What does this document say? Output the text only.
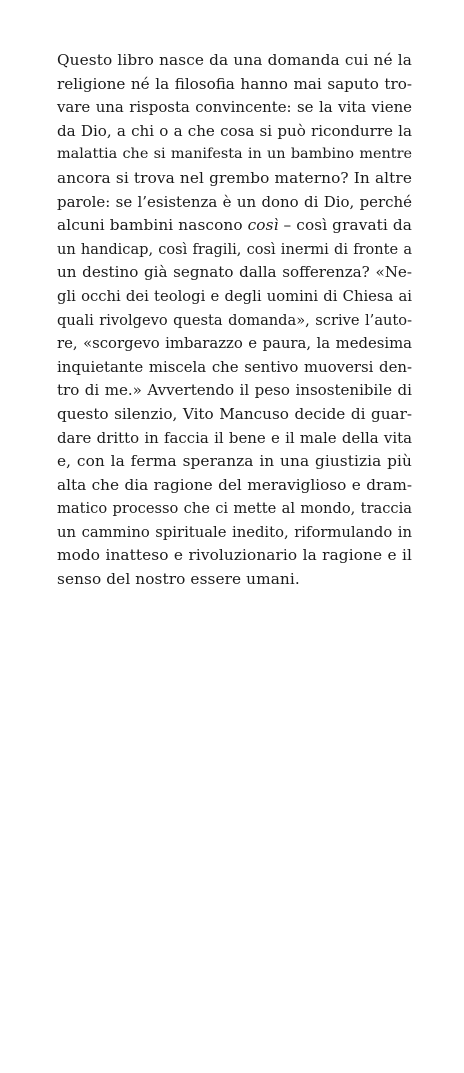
Questo libro nasce da una domanda cui né la
religione né la filosofia hanno mai saputo tro-
vare una risposta convincente: se la vita viene
da Dio, a chi o a che cosa si può ricondurre la
malattia che si manifesta in un bambino mentre
ancora si trova nel grembo materno? In altre
parole: se l’esistenza è un dono di Dio, perché
alcuni bambini nascono così – così gravati da
un handicap, così fragili, così inermi di fronte a
un destino già segnato dalla sofferenza? «Ne-
gli occhi dei teologi e degli uomini di Chiesa ai
quali rivolgevo questa domanda», scrive l’auto-
re, «scorgevo imbarazzo e paura, la medesima
inquietante miscela che sentivo muoversi den-
tro di me.» Avvertendo il peso insostenibile di
questo silenzio, Vito Mancuso decide di guar-
dare dritto in faccia il bene e il male della vita
e, con la ferma speranza in una giustizia più
alta che dia ragione del meraviglioso e dram-
matico processo che ci mette al mondo, traccia
un cammino spirituale inedito, riformulando in
modo inatteso e rivoluzionario la ragione e il
senso del nostro essere umani.
